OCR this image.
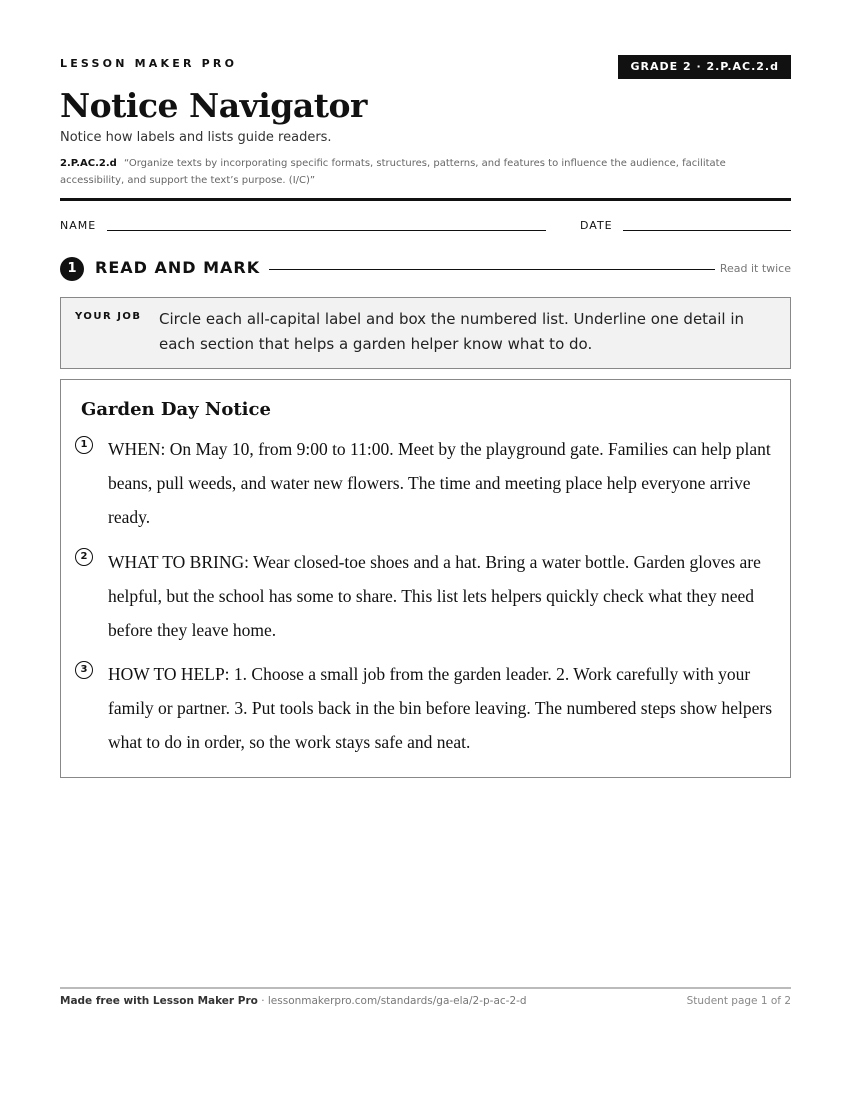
LESSON MAKER PRO	GRADE 2 · 2.P.AC.2.d
Notice Navigator
Notice how labels and lists guide readers.
2.P.AC.2.d “Organize texts by incorporating specific formats, structures, patterns, and features to influence the audience, facilitate accessibility, and support the text’s purpose. (I/C)”
NAME	DATE
1	READ AND MARK	Read it twice
YOUR JOB Circle each all-capital label and box the numbered list. Underline one detail in each section that helps a garden helper know what to do.
Garden Day Notice
1	WHEN: On May 10, from 9:00 to 11:00. Meet by the playground gate. Families can help plant beans, pull weeds, and water new flowers. The time and meeting place help everyone arrive ready.
2	WHAT TO BRING: Wear closed-toe shoes and a hat. Bring a water bottle. Garden gloves are helpful, but the school has some to share. This list lets helpers quickly check what they need before they leave home.
3	HOW TO HELP: 1. Choose a small job from the garden leader. 2. Work carefully with your family or partner. 3. Put tools back in the bin before leaving. The numbered steps show helpers what to do in order, so the work stays safe and neat.
Made free with Lesson Maker Pro · lessonmakerpro.com/standards/ga-ela/2-p-ac-2-d	Student page 1 of 2
